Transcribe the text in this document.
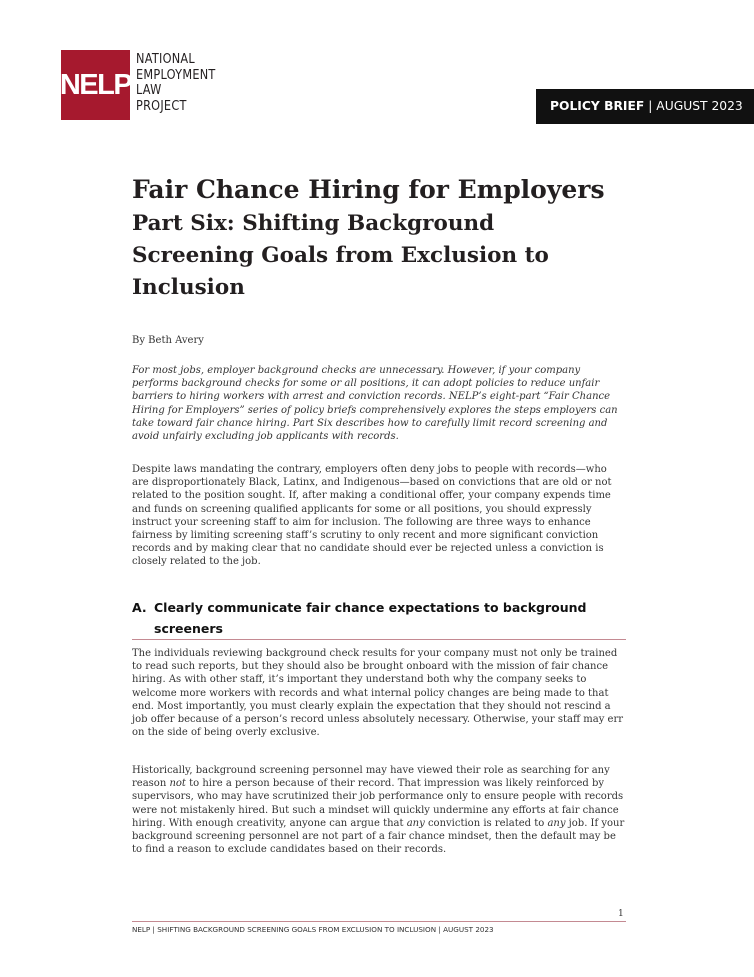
NELP
NATIONAL
EMPLOYMENT
LAW
PROJECT	POLICY BRIEF | AUGUST 2023
Fair Chance Hiring for Employers
Part Six: Shifting Background Screening Goals from Exclusion to Inclusion
By Beth Avery

For most jobs, employer background checks are unnecessary. However, if your company performs background checks for some or all positions, it can adopt policies to reduce unfair barriers to hiring workers with arrest and conviction records. NELP’s eight-part “Fair Chance Hiring for Employers” series of policy briefs comprehensively explores the steps employers can take toward fair chance hiring. Part Six describes how to carefully limit record screening and avoid unfairly excluding job applicants with records.

Despite laws mandating the contrary, employers often deny jobs to people with records—who are disproportionately Black, Latinx, and Indigenous—based on convictions that are old or not related to the position sought. If, after making a conditional offer, your company expends time and funds on screening qualified applicants for some or all positions, you should expressly instruct your screening staff to aim for inclusion. The following are three ways to enhance fairness by limiting screening staff’s scrutiny to only recent and more significant conviction records and by making clear that no candidate should ever be rejected unless a conviction is closely related to the job.

A. Clearly communicate fair chance expectations to background screeners

The individuals reviewing background check results for your company must not only be trained to read such reports, but they should also be brought onboard with the mission of fair chance hiring. As with other staff, it’s important they understand both why the company seeks to welcome more workers with records and what internal policy changes are being made to that end. Most importantly, you must clearly explain the expectation that they should not rescind a job offer because of a person’s record unless absolutely necessary. Otherwise, your staff may err on the side of being overly exclusive.

Historically, background screening personnel may have viewed their role as searching for any reason not to hire a person because of their record. That impression was likely reinforced by supervisors, who may have scrutinized their job performance only to ensure people with records were not mistakenly hired. But such a mindset will quickly undermine any efforts at fair chance hiring. With enough creativity, anyone can argue that any conviction is related to any job. If your background screening personnel are not part of a fair chance mindset, then the default may be to find a reason to exclude candidates based on their records.

1
NELP | SHIFTING BACKGROUND SCREENING GOALS FROM EXCLUSION TO INCLUSION | AUGUST 2023
